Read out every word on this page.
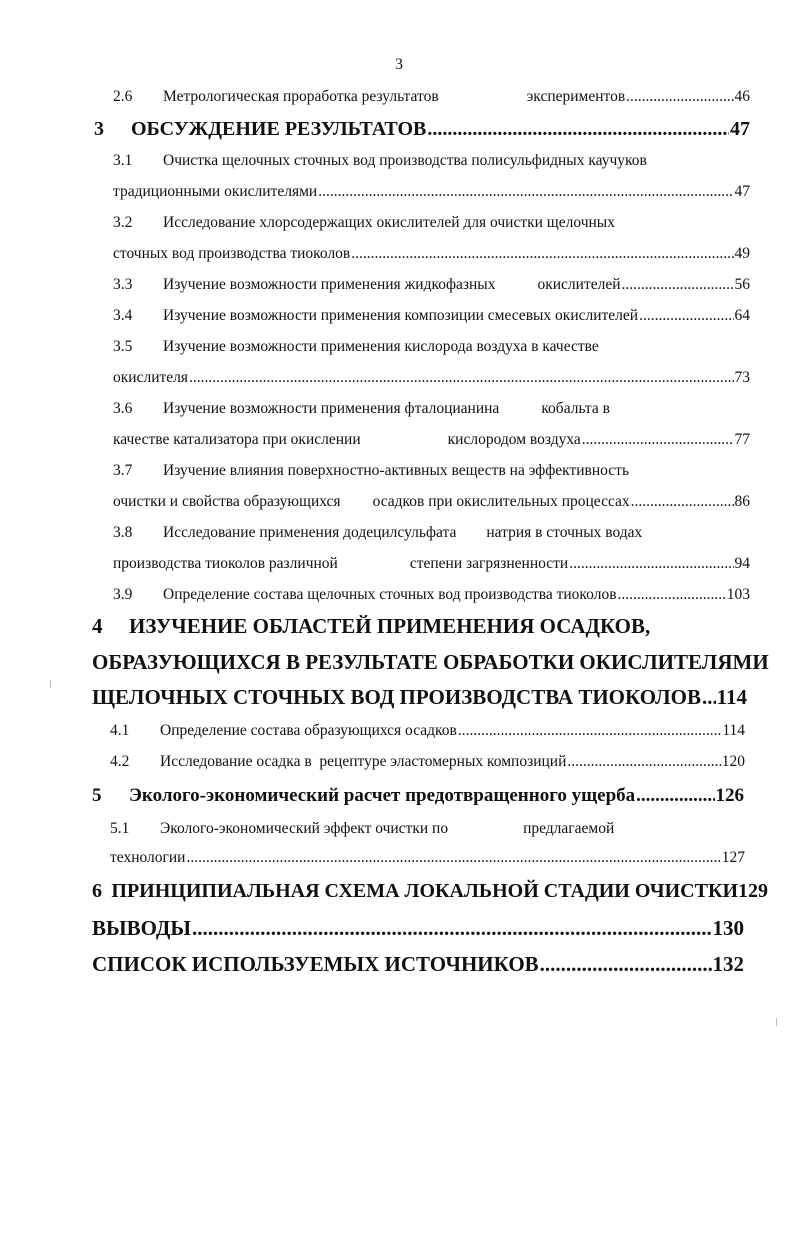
3
2.6	Метрологическая проработка результатов	экспериментов .....	46
3	ОБСУЖДЕНИЕ РЕЗУЛЬТАТОВ .....	47
3.1	Очистка щелочных сточных вод производства полисульфидных каучуков
традиционными окислителями .....	47
3.2	Исследование хлорсодержащих окислителей для очистки щелочных
сточных вод производства тиоколов .....	49
3.3	Изучение возможности применения жидкофазных	окислителей .....	56
3.4	Изучение возможности применения композиции смесевых окислителей .....	64
3.5	Изучение возможности применения кислорода воздуха в качестве
окислителя .....	73
3.6	Изучение возможности применения фталоцианина	кобальта в
качестве катализатора при окислении	кислородом воздуха .....	77
3.7	Изучение влияния поверхностно-активных веществ на эффективность
очистки и свойства образующихся осадков при окислительных процессах .....	86
3.8	Исследование применения додецилсульфата натрия в сточных водах
производства тиоколов различной	степени загрязненности .....	94
3.9	Определение состава щелочных сточных вод производства тиоколов .....	103
4	ИЗУЧЕНИЕ ОБЛАСТЕЙ ПРИМЕНЕНИЯ ОСАДКОВ,
ОБРАЗУЮЩИХСЯ В РЕЗУЛЬТАТЕ ОБРАБОТКИ ОКИСЛИТЕЛЯМИ
ЩЕЛОЧНЫХ СТОЧНЫХ ВОД ПРОИЗВОДСТВА ТИОКОЛОВ ..... 114
4.1	Определение состава образующихся осадков .....	114
4.2	Исследование осадка в  рецептуре эластомерных композиций .....	120
5	Эколого-экономический расчет предотвращенного ущерба .....	126
5.1	Эколого-экономический эффект очистки по	предлагаемой
технологии .....	127
6 ПРИНЦИПИАЛЬНАЯ СХЕМА ЛОКАЛЬНОЙ СТАДИИ ОЧИСТКИ 129
ВЫВОДЫ .....	130
СПИСОК ИСПОЛЬЗУЕМЫХ ИСТОЧНИКОВ .....	132
